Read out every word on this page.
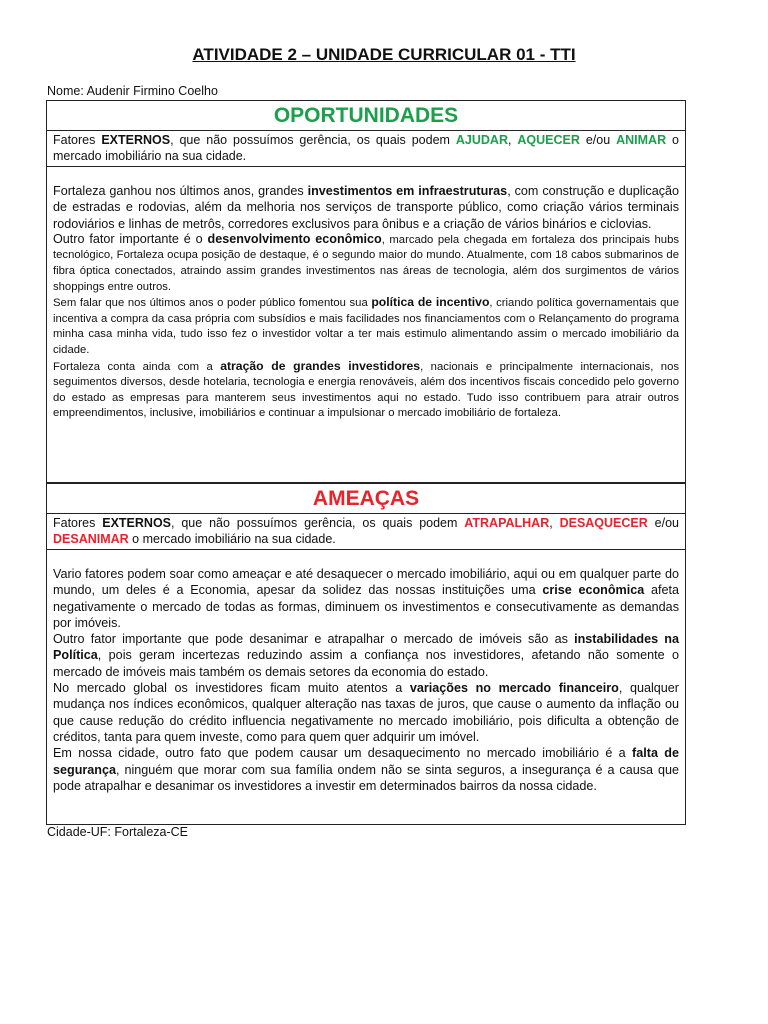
ATIVIDADE 2 – UNIDADE CURRICULAR 01 - TTI
Nome: Audenir Firmino Coelho
OPORTUNIDADES
Fatores EXTERNOS, que não possuímos gerência, os quais podem AJUDAR, AQUECER e/ou ANIMAR o mercado imobiliário na sua cidade.

Fortaleza ganhou nos últimos anos, grandes investimentos em infraestruturas, com construção e duplicação de estradas e rodovias, além da melhoria nos serviços de transporte público, como criação vários terminais rodoviários e linhas de metrôs, corredores exclusivos para ônibus e a criação de vários binários e ciclovias.

Outro fator importante é o desenvolvimento econômico, marcado pela chegada em fortaleza dos principais hubs tecnológico, Fortaleza ocupa posição de destaque, é o segundo maior do mundo. Atualmente, com 18 cabos submarinos de fibra óptica conectados, atraindo assim grandes investimentos nas áreas de tecnologia, além dos surgimentos de vários shoppings entre outros.

Sem falar que nos últimos anos o poder público fomentou sua política de incentivo, criando política governamentais que incentiva a compra da casa própria com subsídios e mais facilidades nos financiamentos com o Relançamento do programa minha casa minha vida, tudo isso fez o investidor voltar a ter mais estimulo alimentando assim o mercado imobiliário da cidade.

Fortaleza conta ainda com a atração de grandes investidores, nacionais e principalmente internacionais, nos seguimentos diversos, desde hotelaria, tecnologia e energia renováveis, além dos incentivos fiscais concedido pelo governo do estado as empresas para manterem seus investimentos aqui no estado. Tudo isso contribuem para atrair outros empreendimentos, inclusive, imobiliários e continuar a impulsionar o mercado imobiliário de fortaleza.

AMEAÇAS
Fatores EXTERNOS, que não possuímos gerência, os quais podem ATRAPALHAR, DESAQUECER e/ou DESANIMAR o mercado imobiliário na sua cidade.

Vario fatores podem soar como ameaçar e até desaquecer o mercado imobiliário, aqui ou em qualquer parte do mundo, um deles é a Economia, apesar da solidez das nossas instituições uma crise econômica afeta negativamente o mercado de todas as formas, diminuem os investimentos e consecutivamente as demandas por imóveis.

Outro fator importante que pode desanimar e atrapalhar o mercado de imóveis são as instabilidades na Política, pois geram incertezas reduzindo assim a confiança nos investidores, afetando não somente o mercado de imóveis mais também os demais setores da economia do estado.

No mercado global os investidores ficam muito atentos a variações no mercado financeiro, qualquer mudança nos índices econômicos, qualquer alteração nas taxas de juros, que cause o aumento da inflação ou que cause redução do crédito influencia negativamente no mercado imobiliário, pois dificulta a obtenção de créditos, tanta para quem investe, como para quem quer adquirir um imóvel.

Em nossa cidade, outro fato que podem causar um desaquecimento no mercado imobiliário é a falta de segurança, ninguém que morar com sua família ondem não se sinta seguros, a insegurança é a causa que pode atrapalhar e desanimar os investidores a investir em determinados bairros da nossa cidade.

Cidade-UF: Fortaleza-CE
